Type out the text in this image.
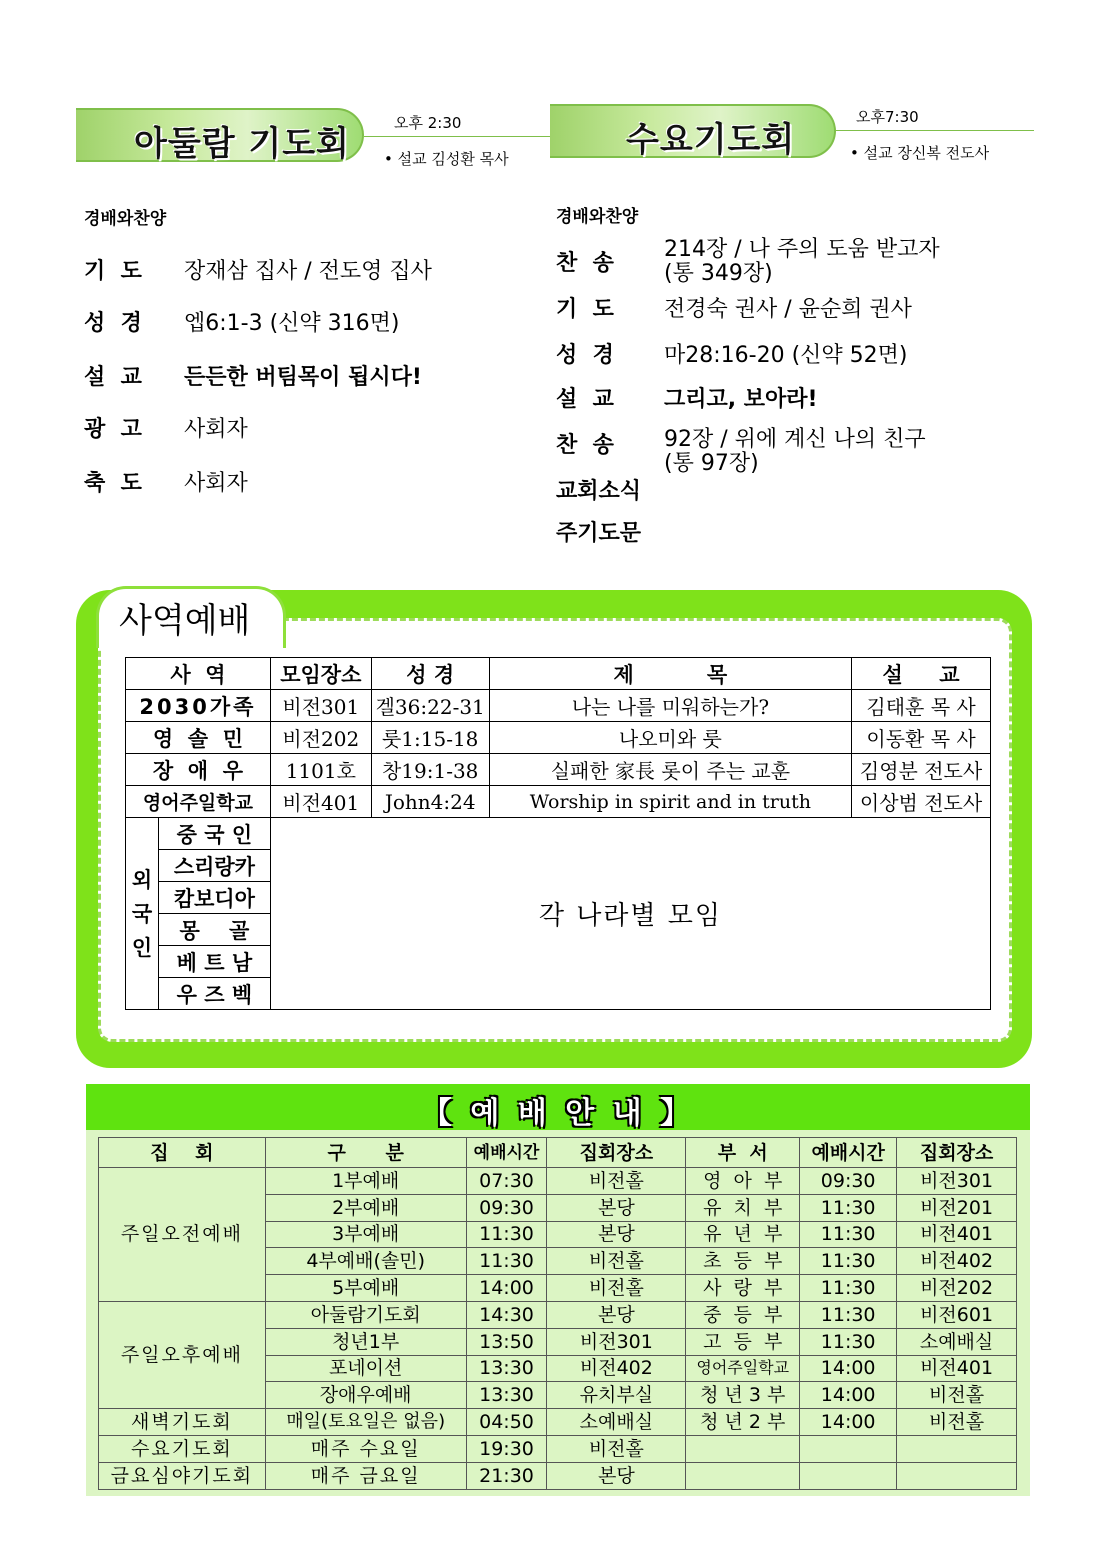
아둘람 기도회
오후 2:30
• 설교 김성환 목사
경배와찬양
기  도 장재삼 집사 / 전도영 집사
성  경 엡6:1-3 (신약 316면)
설  교 든든한 버팀목이 됩시다!
광  고 사회자
축  도 사회자
수요기도회
오후7:30
• 설교 장신복 전도사
경배와찬양
찬  송
214장 / 나 주의 도움 받고자
(통 349장)
기  도 전경숙 권사 / 윤순희 권사
성  경 마28:16-20 (신약 52면)
설  교 그리고, 보아라!
찬  송 92장 / 위에 계신 나의 친구
(통 97장)
교회소식
주기도문
사역예배
사  역		모임장소	성 경	제          목	설     교
2030가족		비전301	겔36:22-31	나는 나를 미워하는가?	김태훈 목 사
영  솔  민		비전202	룻1:15-18	나오미와 룻	이동환 목 사
장  애  우		1101호	창19:1-38	실패한 家長 롯이 주는 교훈	김영분 전도사
영어주일학교		비전401	John4:24	Worship in spirit and in truth	이상범 전도사
외
국
인	중 국 인	각 나라별 모임			
	스리랑카				
	캄보디아				
	몽    골				
	베 트 남				
	우 즈 벡				
【 예 배 안 내 】
집    회	구      분	예배시간	집회장소	부  서	예배시간	집회장소
주일오전예배	1부예배	07:30	비전홀	영  아  부	09:30	비전301
	2부예배	09:30	본당	유  치  부	11:30	비전201
	3부예배	11:30	본당	유  년  부	11:30	비전401
	4부예배(솔민)	11:30	비전홀	초  등  부	11:30	비전402
	5부예배	14:00	비전홀	사  랑  부	11:30	비전202
주일오후예배	아둘람기도회	14:30	본당	중  등  부	11:30	비전601
	청년1부	13:50	비전301	고  등  부	11:30	소예배실
	포네이션	13:30	비전402	영어주일학교	14:00	비전401
	장애우예배	13:30	유치부실	청 년 3 부	14:00	비전홀
새벽기도회	매일(토요일은 없음)	04:50	소예배실	청 년 2 부	14:00	비전홀
수요기도회	매주 수요일	19:30	비전홀			
금요심야기도회	매주 금요일	21:30	본당			
